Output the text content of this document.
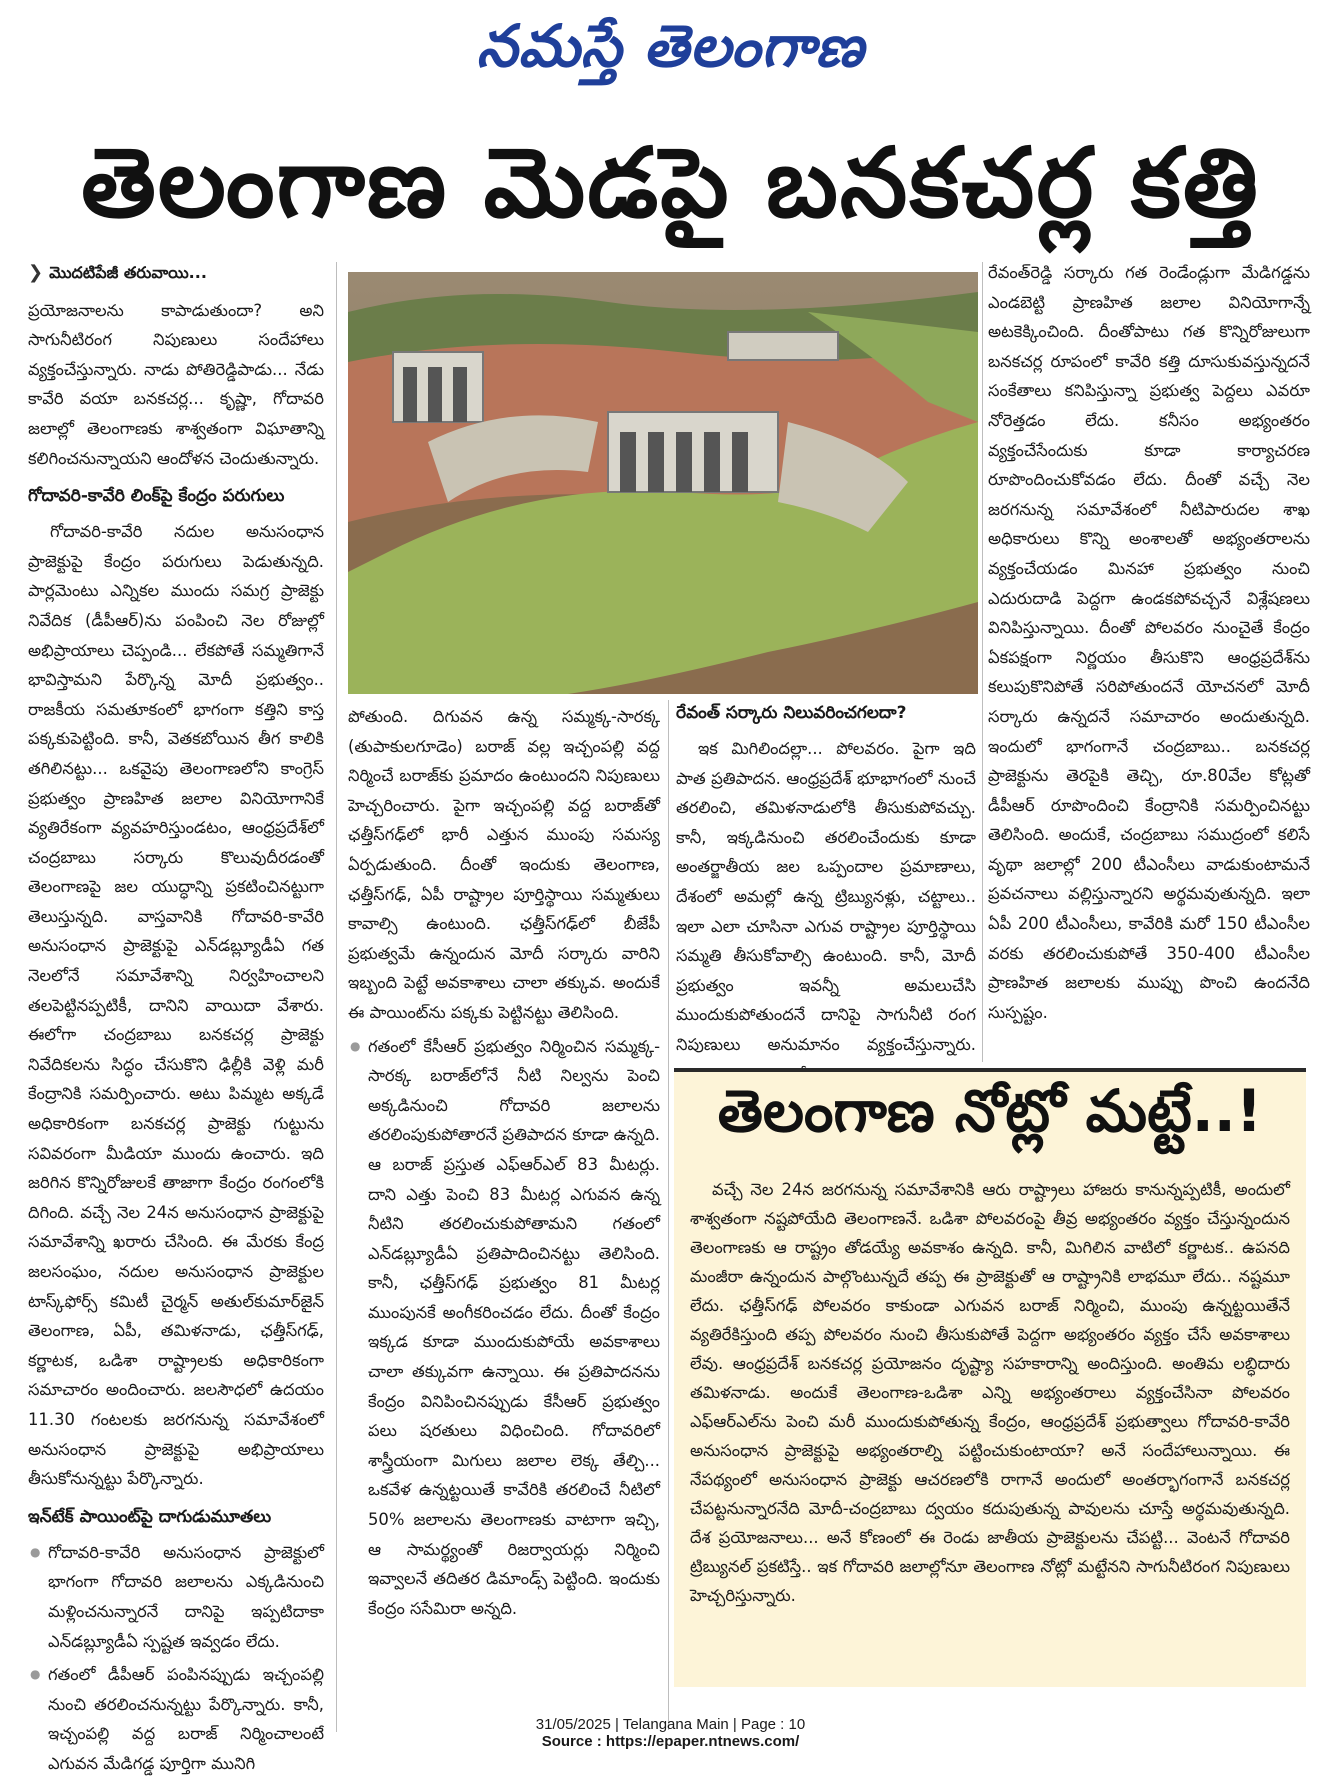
నమస్తే తెలంగాణ
తెలంగాణ మెడపై బనకచర్ల కత్తి
❯ మొదటిపేజీ తరువాయి...

ప్రయోజనాలను కాపాడుతుందా? అని సాగునీటిరంగ నిపుణులు సందేహాలు వ్యక్తంచేస్తున్నారు. నాడు పోతిరెడ్డిపాడు... నేడు కావేరి వయా బనకచర్ల... కృష్ణా, గోదావరి జలాల్లో తెలంగాణకు శాశ్వతంగా విఘాతాన్ని కలిగించనున్నాయని ఆందోళన చెందుతున్నారు.

గోదావరి-కావేరి లింక్‌పై కేంద్రం పరుగులు

గోదావరి-కావేరి నదుల అనుసంధాన ప్రాజెక్టుపై కేంద్రం పరుగులు పెడుతున్నది. పార్లమెంటు ఎన్నికల ముందు సమగ్ర ప్రాజెక్టు నివేదిక (డీపీఆర్)ను పంపించి నెల రోజుల్లో అభిప్రాయాలు చెప్పండి... లేకపోతే సమ్మతిగానే భావిస్తామని పేర్కొన్న మోదీ ప్రభుత్వం.. రాజకీయ సమతూకంలో భాగంగా కత్తిని కాస్త పక్కకుపెట్టింది. కానీ, వెతకబోయిన తీగ కాలికి తగిలినట్టు... ఒకవైపు తెలంగాణలోని కాంగ్రెస్ ప్రభుత్వం ప్రాణహిత జలాల వినియోగానికే వ్యతిరేకంగా వ్యవహరిస్తుండటం, ఆంధ్రప్రదేశ్‌లో చంద్రబాబు సర్కారు కొలువుదీరడంతో తెలంగాణపై జల యుద్ధాన్ని ప్రకటించినట్టుగా తెలుస్తున్నది. వాస్తవానికి గోదావరి-కావేరి అనుసంధాన ప్రాజెక్టుపై ఎన్‌డబ్ల్యూడీఏ గత నెలలోనే సమావేశాన్ని నిర్వహించాలని తలపెట్టినప్పటికీ, దానిని వాయిదా వేశారు. ఈలోగా చంద్రబాబు బనకచర్ల ప్రాజెక్టు నివేదికలను సిద్ధం చేసుకొని ఢిల్లీకి వెళ్లి మరీ కేంద్రానికి సమర్పించారు. అటు పిమ్మట అక్కడే అధికారికంగా బనకచర్ల ప్రాజెక్టు గుట్టును సవివరంగా మీడియా ముందు ఉంచారు. ఇది జరిగిన కొన్నిరోజులకే తాజాగా కేంద్రం రంగంలోకి దిగింది. వచ్చే నెల 24న అనుసంధాన ప్రాజెక్టుపై సమావేశాన్ని ఖరారు చేసింది. ఈ మేరకు కేంద్ర జలసంఘం, నదుల అనుసంధాన ప్రాజెక్టుల టాస్క్‌ఫోర్స్ కమిటీ చైర్మన్ అతుల్‌కుమార్‌జైన్ తెలంగాణ, ఏపీ, తమిళనాడు, ఛత్తీస్‌గఢ్, కర్ణాటక, ఒడిశా రాష్ట్రాలకు అధికారికంగా సమాచారం అందించారు. జలసౌధలో ఉదయం 11.30 గంటలకు జరగనున్న సమావేశంలో అనుసంధాన ప్రాజెక్టుపై అభిప్రాయాలు తీసుకోనున్నట్టు పేర్కొన్నారు.

ఇన్‌టేక్ పాయింట్‌పై దాగుడుమూతలు
● గోదావరి-కావేరి అనుసంధాన ప్రాజెక్టులో భాగంగా గోదావరి జలాలను ఎక్కడినుంచి మళ్లించనున్నారనే దానిపై ఇప్పటిదాకా ఎన్‌డబ్ల్యూడీఏ స్పష్టత ఇవ్వడం లేదు.
● గతంలో డీపీఆర్ పంపినప్పుడు ఇచ్చంపల్లి నుంచి తరలించనున్నట్టు పేర్కొన్నారు. కానీ, ఇచ్చంపల్లి వద్ద బరాజ్ నిర్మించాలంటే ఎగువన మేడిగడ్డ పూర్తిగా మునిగి

పోతుంది. దిగువన ఉన్న సమ్మక్క-సారక్క (తుపాకులగూడెం) బరాజ్ వల్ల ఇచ్చంపల్లి వద్ద నిర్మించే బరాజ్‌కు ప్రమాదం ఉంటుందని నిపుణులు హెచ్చరించారు. పైగా ఇచ్చంపల్లి వద్ద బరాజ్‌తో ఛత్తీస్‌గఢ్‌లో భారీ ఎత్తున ముంపు సమస్య ఏర్పడుతుంది. దీంతో ఇందుకు తెలంగాణ, ఛత్తీస్‌గఢ్, ఏపీ రాష్ట్రాల పూర్తిస్థాయి సమ్మతులు కావాల్సి ఉంటుంది. ఛత్తీస్‌గఢ్‌లో బీజేపీ ప్రభుత్వమే ఉన్నందున మోదీ సర్కారు వారిని ఇబ్బంది పెట్టే అవకాశాలు చాలా తక్కువ. అందుకే ఈ పాయింట్‌ను పక్కకు పెట్టినట్టు తెలిసింది.

● గతంలో కేసీఆర్ ప్రభుత్వం నిర్మించిన సమ్మక్క-సారక్క బరాజ్‌లోనే నీటి నిల్వను పెంచి అక్కడినుంచి గోదావరి జలాలను తరలింపుకుపోతారనే ప్రతిపాదన కూడా ఉన్నది. ఆ బరాజ్ ప్రస్తుత ఎఫ్ఆర్ఎల్ 83 మీటర్లు. దాని ఎత్తు పెంచి 83 మీటర్ల ఎగువన ఉన్న నీటిని తరలించుకుపోతామని గతంలో ఎన్‌డబ్ల్యూడీఏ ప్రతిపాదించినట్టు తెలిసింది. కానీ, ఛత్తీస్‌గఢ్ ప్రభుత్వం 81 మీటర్ల ముంపునకే అంగీకరించడం లేదు. దీంతో కేంద్రం ఇక్కడ కూడా ముందుకుపోయే అవకాశాలు చాలా తక్కువగా ఉన్నాయి. ఈ ప్రతిపాదనను కేంద్రం వినిపించినప్పుడు కేసీఆర్ ప్రభుత్వం పలు షరతులు విధించింది. గోదావరిలో శాస్త్రీయంగా మిగులు జలాల లెక్క తేల్చి... ఒకవేళ ఉన్నట్టయితే కావేరికి తరలించే నీటిలో 50% జలాలను తెలంగాణకు వాటాగా ఇచ్చి, ఆ సామర్థ్యంతో రిజర్వాయర్లు నిర్మించి ఇవ్వాలనే తదితర డిమాండ్స్ పెట్టింది. ఇందుకు కేంద్రం ససేమిరా అన్నది.
రేవంత్ సర్కారు నిలువరించగలదా?

ఇక మిగిలిందల్లా... పోలవరం. పైగా ఇది పాత ప్రతిపాదన. ఆంధ్రప్రదేశ్ భూభాగంలో నుంచే తరలించి, తమిళనాడులోకి తీసుకుపోవచ్చు. కానీ, ఇక్కడినుంచి తరలించేందుకు కూడా అంతర్జాతీయ జల ఒప్పందాల ప్రమాణాలు, దేశంలో అమల్లో ఉన్న ట్రిబ్యునళ్లు, చట్టాలు.. ఇలా ఎలా చూసినా ఎగువ రాష్ట్రాల పూర్తిస్థాయి సమ్మతి తీసుకోవాల్సి ఉంటుంది. కానీ, మోదీ ప్రభుత్వం ఇవన్నీ అమలుచేసి ముందుకుపోతుందనే దానిపై సాగునీటి రంగ నిపుణులు అనుమానం వ్యక్తంచేస్తున్నారు.

రేవంత్‌రెడ్డి సర్కారు గత రెండేండ్లుగా మేడిగడ్డను ఎండబెట్టి ప్రాణహిత జలాల వినియోగాన్నే అటకెక్కించింది. దీంతోపాటు గత కొన్నిరోజులుగా బనకచర్ల రూపంలో కావేరి కత్తి దూసుకువస్తున్నదనే సంకేతాలు కనిపిస్తున్నా ప్రభుత్వ పెద్దలు ఎవరూ నోరెత్తడం లేదు. కనీసం అభ్యంతరం వ్యక్తంచేసేందుకు కూడా కార్యాచరణ రూపొందించుకోవడం లేదు. దీంతో వచ్చే నెల జరగనున్న సమావేశంలో నీటిపారుదల శాఖ అధికారులు కొన్ని అంశాలతో అభ్యంతరాలను వ్యక్తంచేయడం మినహా ప్రభుత్వం నుంచి ఎదురుదాడి పెద్దగా ఉండకపోవచ్చనే విశ్లేషణలు వినిపిస్తున్నాయి. దీంతో పోలవరం నుంచైతే కేంద్రం ఏకపక్షంగా నిర్ణయం తీసుకొని ఆంధ్రప్రదేశ్‌ను కలుపుకొనిపోతే సరిపోతుందనే యోచనలో మోదీ సర్కారు ఉన్నదనే సమాచారం అందుతున్నది. ఇందులో భాగంగానే చంద్రబాబు.. బనకచర్ల ప్రాజెక్టును తెరపైకి తెచ్చి, రూ.80వేల కోట్లతో డీపీఆర్ రూపొందించి కేంద్రానికి సమర్పించినట్టు తెలిసింది. అందుకే, చంద్రబాబు సముద్రంలో కలిసే వృథా జలాల్లో 200 టీఎంసీలు వాడుకుంటామనే ప్రవచనాలు వల్లిస్తున్నారని అర్థమవుతున్నది. ఇలా ఏపీ 200 టీఎంసీలు, కావేరికి మరో 150 టీఎంసీల వరకు తరలించుకుపోతే 350-400 టీఎంసీల ప్రాణహిత జలాలకు ముప్పు పొంచి ఉందనేది సుస్పష్టం.

తెలంగాణ నోట్లో మట్టే..!

వచ్చే నెల 24న జరగనున్న సమావేశానికి ఆరు రాష్ట్రాలు హాజరు కానున్నప్పటికీ, అందులో శాశ్వతంగా నష్టపోయేది తెలంగాణనే. ఒడిశా పోలవరంపై తీవ్ర అభ్యంతరం వ్యక్తం చేస్తున్నందున తెలంగాణకు ఆ రాష్ట్రం తోడయ్యే అవకాశం ఉన్నది. కానీ, మిగిలిన వాటిలో కర్ణాటక.. ఉపనది మంజీరా ఉన్నందున పాల్గొంటున్నదే తప్ప ఈ ప్రాజెక్టుతో ఆ రాష్ట్రానికి లాభమూ లేదు.. నష్టమూ లేదు. ఛత్తీస్‌గఢ్ పోలవరం కాకుండా ఎగువన బరాజ్ నిర్మించి, ముంపు ఉన్నట్టయితేనే వ్యతిరేకిస్తుంది తప్ప పోలవరం నుంచి తీసుకుపోతే పెద్దగా అభ్యంతరం వ్యక్తం చేసే అవకాశాలు లేవు. ఆంధ్రప్రదేశ్ బనకచర్ల ప్రయోజనం దృష్ట్యా సహకారాన్ని అందిస్తుంది. అంతిమ లబ్ధిదారు తమిళనాడు. అందుకే తెలంగాణ-ఒడిశా ఎన్ని అభ్యంతరాలు వ్యక్తంచేసినా పోలవరం ఎఫ్ఆర్ఎల్‌ను పెంచి మరీ ముందుకుపోతున్న కేంద్రం, ఆంధ్రప్రదేశ్ ప్రభుత్వాలు గోదావరి-కావేరి అనుసంధాన ప్రాజెక్టుపై అభ్యంతరాల్ని పట్టించుకుంటాయా? అనే సందేహాలున్నాయి. ఈ నేపథ్యంలో అనుసంధాన ప్రాజెక్టు ఆచరణలోకి రాగానే అందులో అంతర్భాగంగానే బనకచర్ల చేపట్టనున్నారనేది మోదీ-చంద్రబాబు ద్వయం కదుపుతున్న పావులను చూస్తే అర్థమవుతున్నది. దేశ ప్రయోజనాలు... అనే కోణంలో ఈ రెండు జాతీయ ప్రాజెక్టులను చేపట్టి... వెంటనే గోదావరి ట్రిబ్యునల్ ప్రకటిస్తే.. ఇక గోదావరి జలాల్లోనూ తెలంగాణ నోట్లో మట్టేనని సాగునీటిరంగ నిపుణులు హెచ్చరిస్తున్నారు.

31/05/2025 | Telangana Main | Page : 10
Source : https://epaper.ntnews.com/
